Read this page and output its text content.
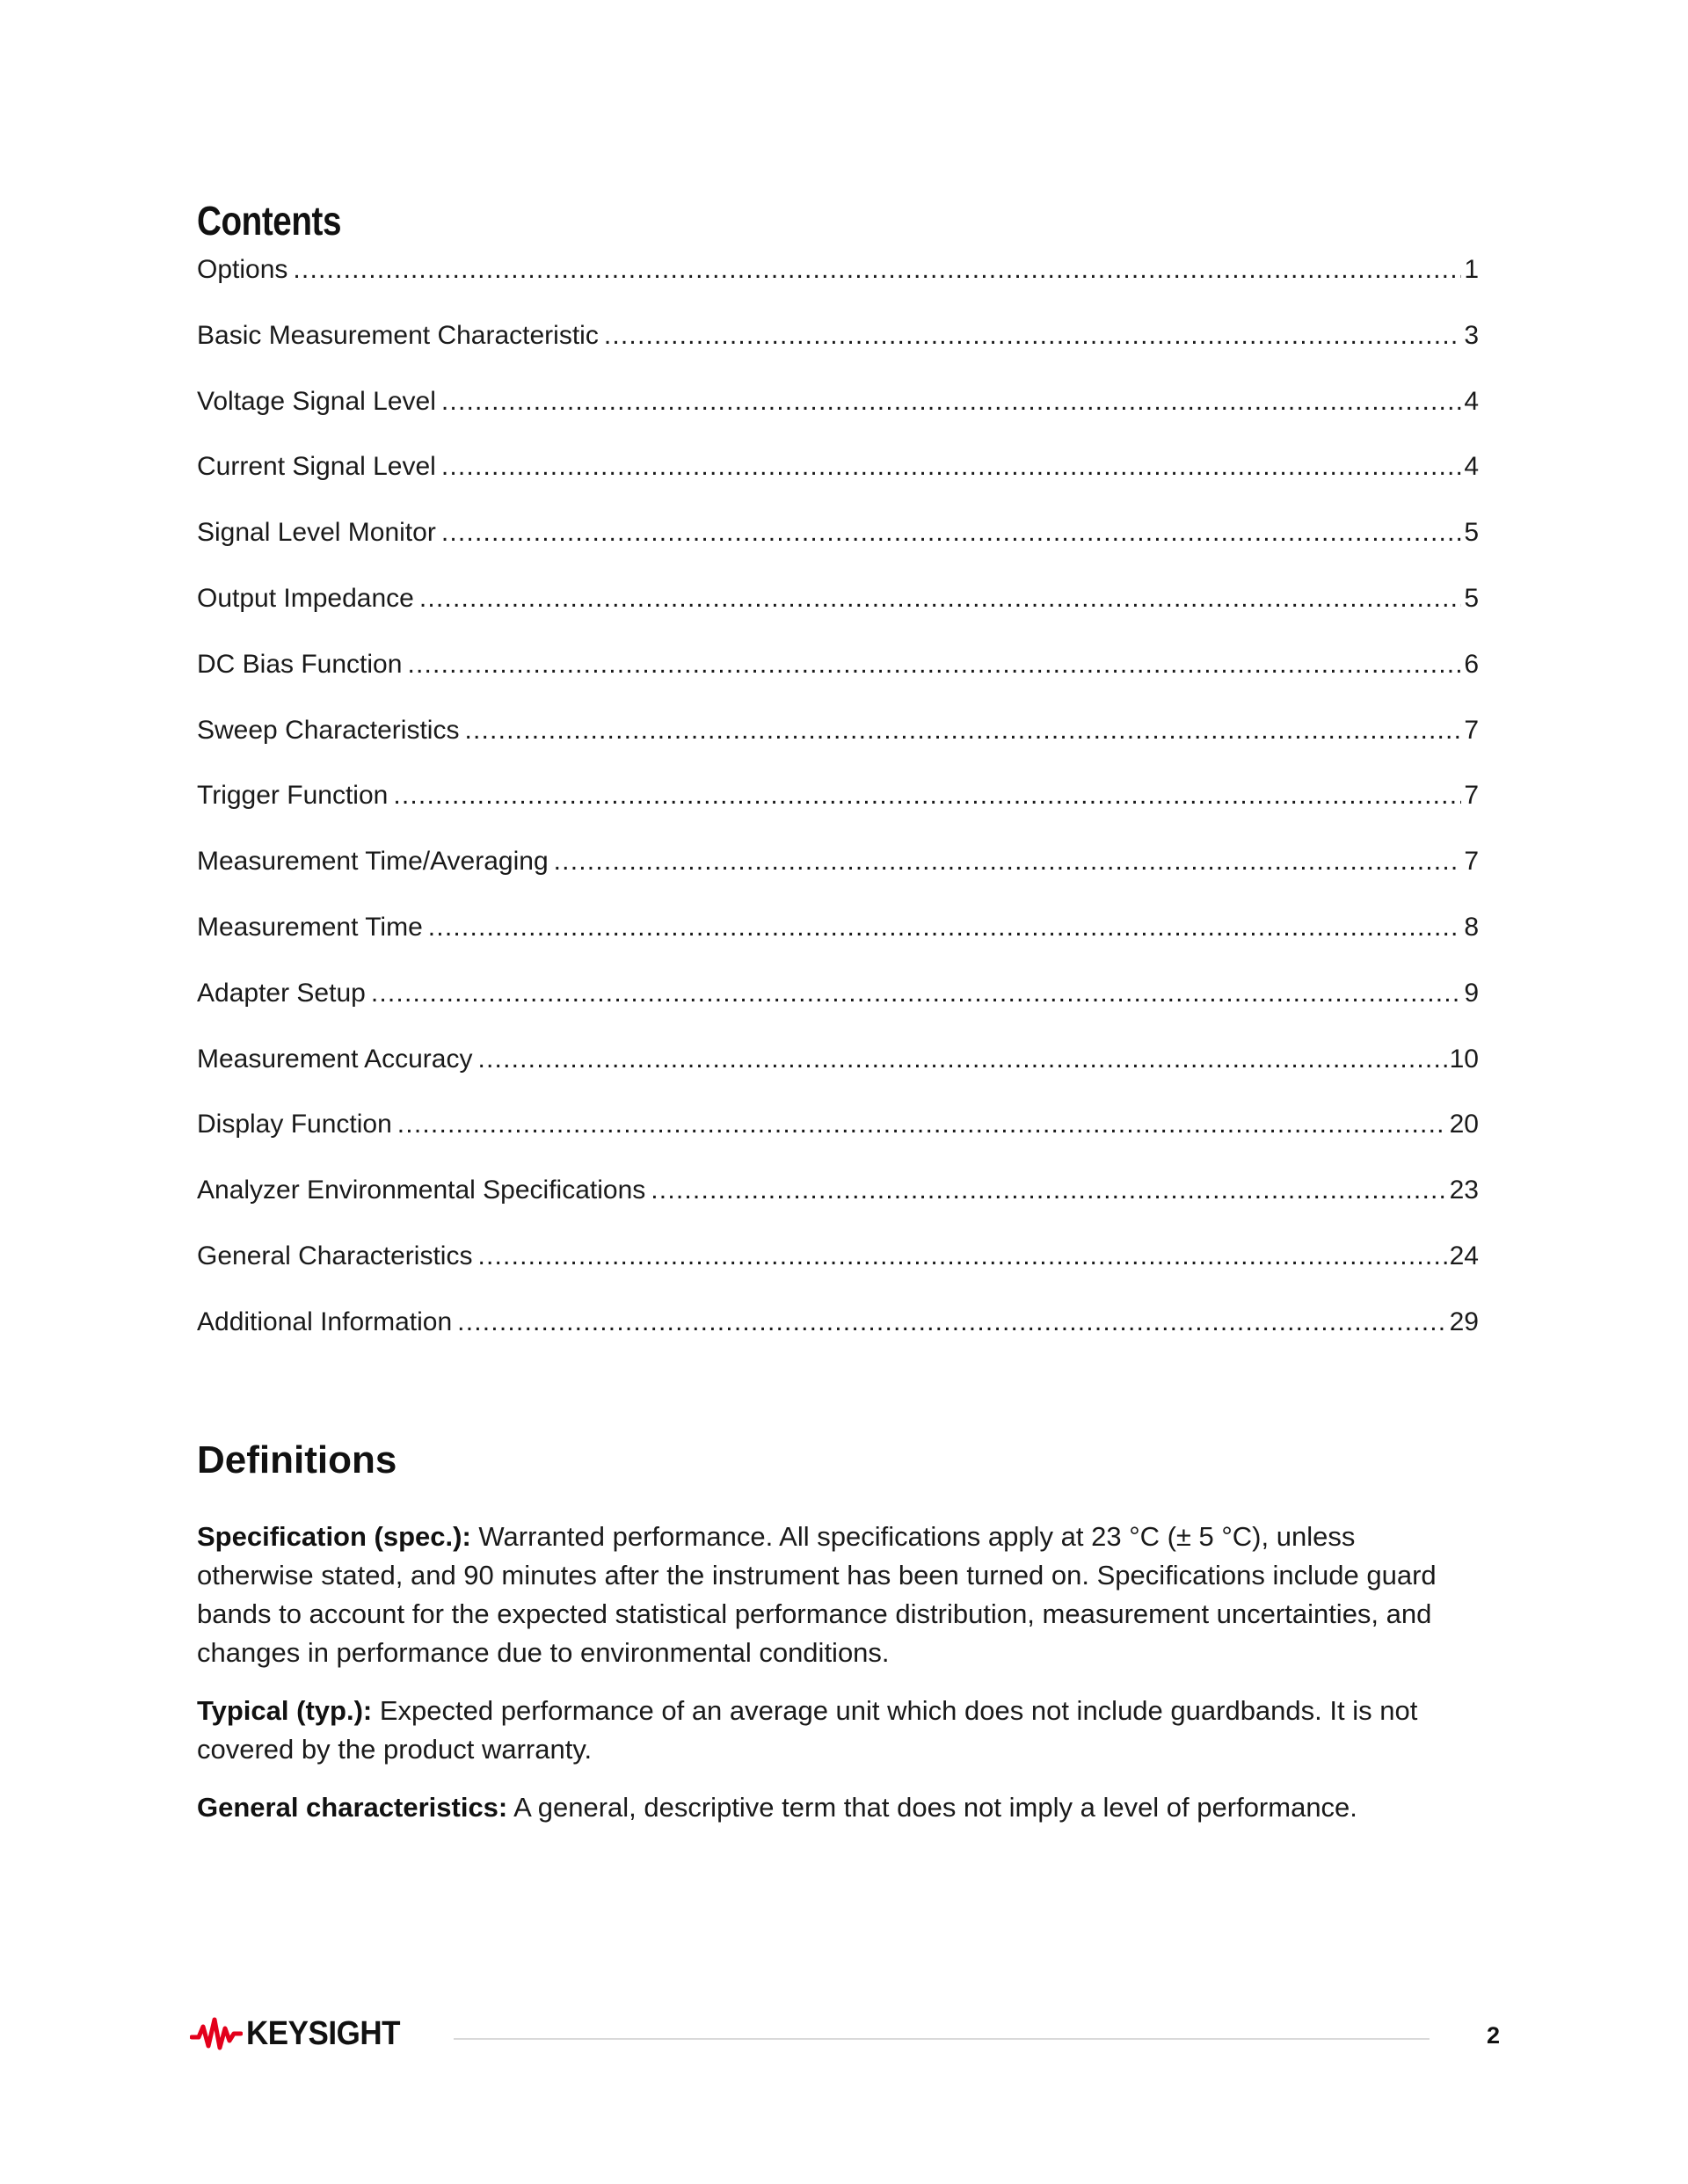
Contents
Options .....	1
Basic Measurement Characteristic .....	3
Voltage Signal Level .....	4
Current Signal Level .....	4
Signal Level Monitor .....	5
Output Impedance .....	5
DC Bias Function .....	6
Sweep Characteristics .....	7
Trigger Function .....	7
Measurement Time/Averaging .....	7
Measurement Time .....	8
Adapter Setup .....	9
Measurement Accuracy .....	10
Display Function .....	20
Analyzer Environmental Specifications .....	23
General Characteristics .....	24
Additional Information .....	29
Definitions

Specification (spec.): Warranted performance. All specifications apply at 23 °C (± 5 °C), unless otherwise stated, and 90 minutes after the instrument has been turned on. Specifications include guard bands to account for the expected statistical performance distribution, measurement uncertainties, and changes in performance due to environmental conditions.

Typical (typ.): Expected performance of an average unit which does not include guardbands. It is not covered by the product warranty.

General characteristics: A general, descriptive term that does not imply a level of performance.

KEYSIGHT	2
